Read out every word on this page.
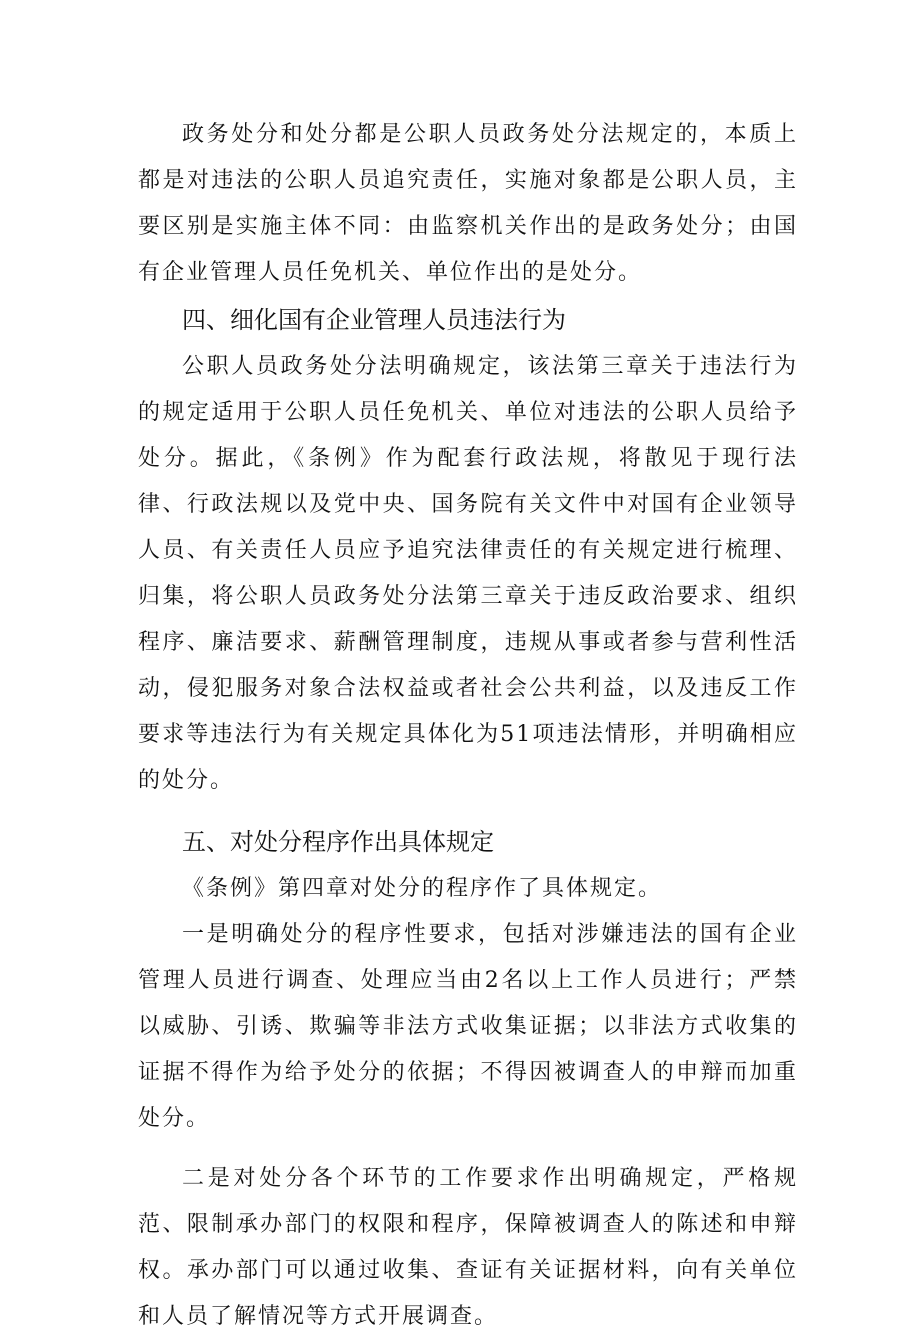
政务处分和处分都是公职人员政务处分法规定的，本质上都是对违法的公职人员追究责任，实施对象都是公职人员，主要区别是实施主体不同：由监察机关作出的是政务处分；由国有企业管理人员任免机关、单位作出的是处分。

四、细化国有企业管理人员违法行为

公职人员政务处分法明确规定，该法第三章关于违法行为的规定适用于公职人员任免机关、单位对违法的公职人员给予处分。据此，《条例》作为配套行政法规，将散见于现行法律、行政法规以及党中央、国务院有关文件中对国有企业领导人员、有关责任人员应予追究法律责任的有关规定进行梳理、归集，将公职人员政务处分法第三章关于违反政治要求、组织程序、廉洁要求、薪酬管理制度，违规从事或者参与营利性活动，侵犯服务对象合法权益或者社会公共利益，以及违反工作要求等违法行为有关规定具体化为51项违法情形，并明确相应的处分。

五、对处分程序作出具体规定

《条例》第四章对处分的程序作了具体规定。

一是明确处分的程序性要求，包括对涉嫌违法的国有企业管理人员进行调查、处理应当由2名以上工作人员进行；严禁以威胁、引诱、欺骗等非法方式收集证据；以非法方式收集的证据不得作为给予处分的依据；不得因被调查人的申辩而加重处分。

二是对处分各个环节的工作要求作出明确规定，严格规范、限制承办部门的权限和程序，保障被调查人的陈述和申辩权。承办部门可以通过收集、查证有关证据材料，向有关单位和人员了解情况等方式开展调查。
